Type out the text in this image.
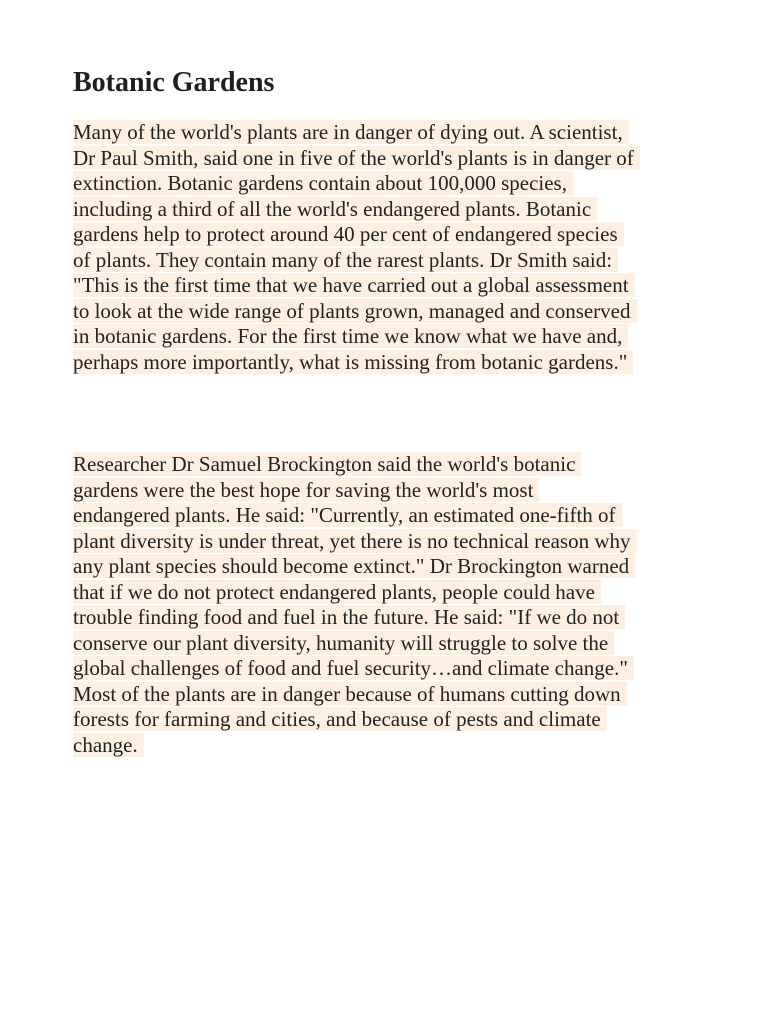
Botanic Gardens
Many of the world's plants are in danger of dying out. A scientist,
Dr Paul Smith, said one in five of the world's plants is in danger of
extinction. Botanic gardens contain about 100,000 species,
including a third of all the world's endangered plants. Botanic
gardens help to protect around 40 per cent of endangered species
of plants. They contain many of the rarest plants. Dr Smith said:
"This is the first time that we have carried out a global assessment
to look at the wide range of plants grown, managed and conserved
in botanic gardens. For the first time we know what we have and,
perhaps more importantly, what is missing from botanic gardens."
Researcher Dr Samuel Brockington said the world's botanic
gardens were the best hope for saving the world's most
endangered plants. He said: "Currently, an estimated one-fifth of
plant diversity is under threat, yet there is no technical reason why
any plant species should become extinct." Dr Brockington warned
that if we do not protect endangered plants, people could have
trouble finding food and fuel in the future. He said: "If we do not
conserve our plant diversity, humanity will struggle to solve the
global challenges of food and fuel security…and climate change."
Most of the plants are in danger because of humans cutting down
forests for farming and cities, and because of pests and climate
change.
